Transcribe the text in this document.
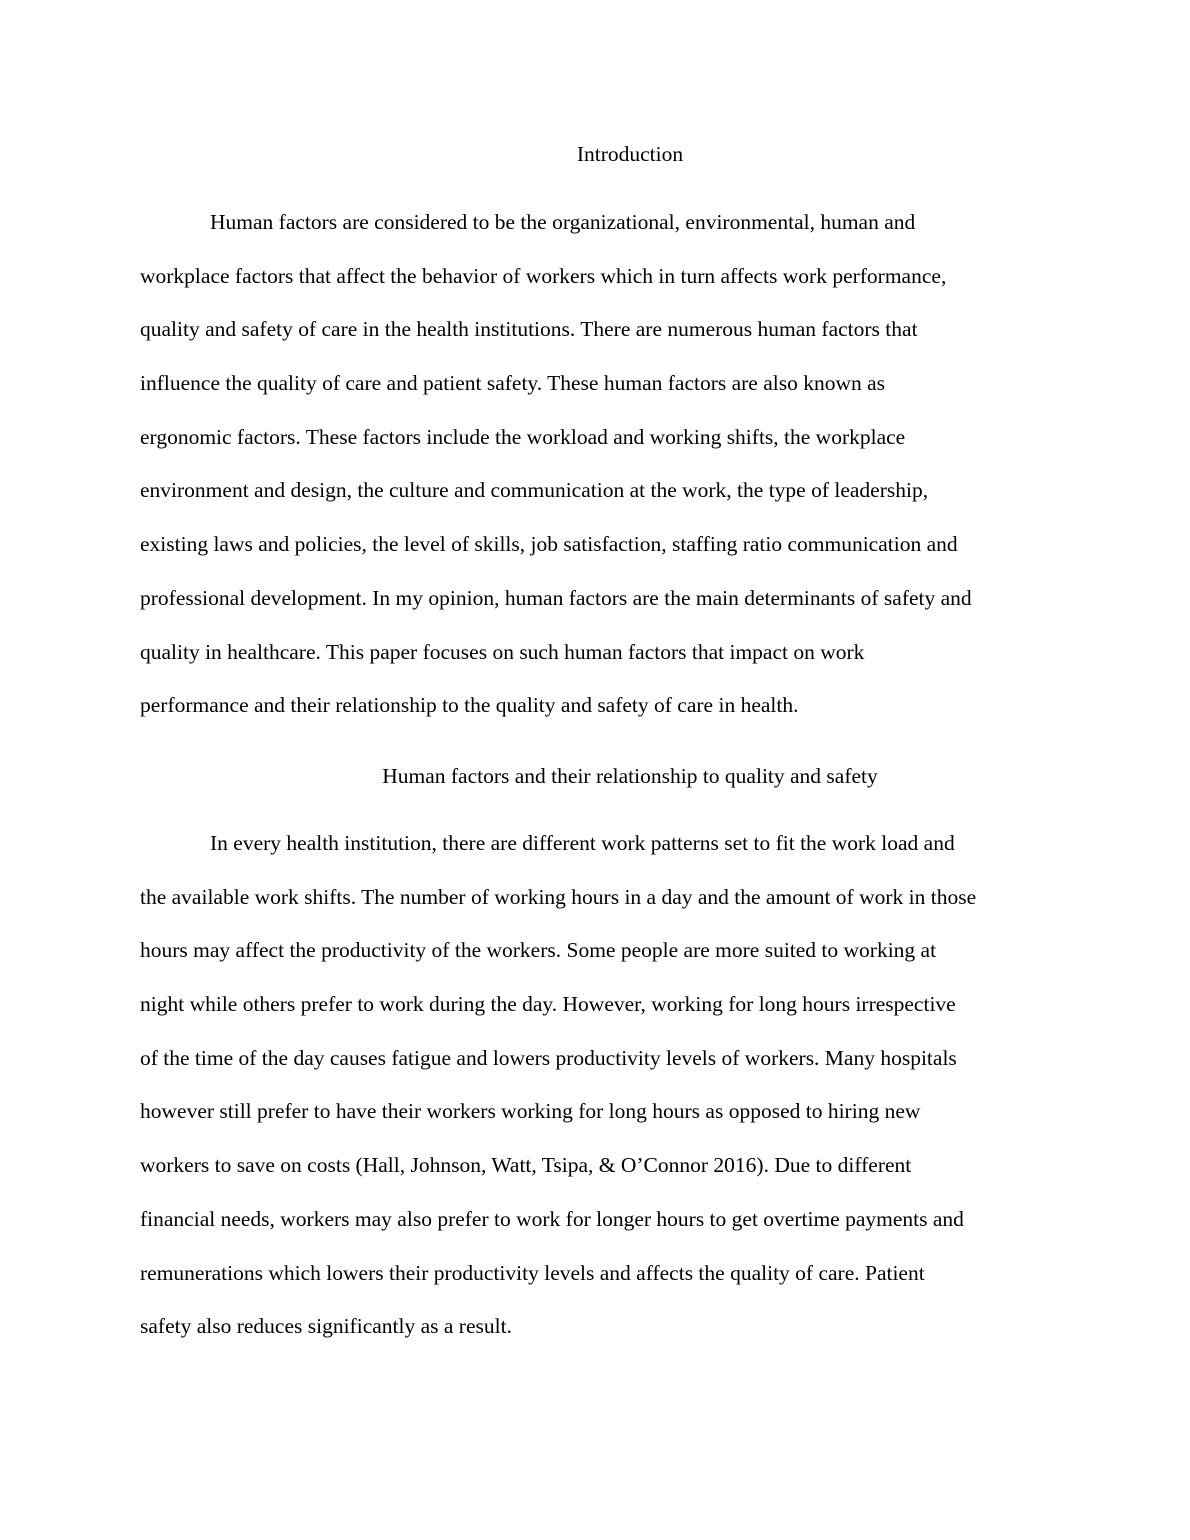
Introduction

Human factors are considered to be the organizational, environmental, human and
workplace factors that affect the behavior of workers which in turn affects work performance,
quality and safety of care in the health institutions. There are numerous human factors that
influence the quality of care and patient safety. These human factors are also known as
ergonomic factors. These factors include the workload and working shifts, the workplace
environment and design, the culture and communication at the work, the type of leadership,
existing laws and policies, the level of skills, job satisfaction, staffing ratio communication and
professional development. In my opinion, human factors are the main determinants of safety and
quality in healthcare. This paper focuses on such human factors that impact on work
performance and their relationship to the quality and safety of care in health.

Human factors and their relationship to quality and safety

In every health institution, there are different work patterns set to fit the work load and
the available work shifts. The number of working hours in a day and the amount of work in those
hours may affect the productivity of the workers. Some people are more suited to working at
night while others prefer to work during the day. However, working for long hours irrespective
of the time of the day causes fatigue and lowers productivity levels of workers. Many hospitals
however still prefer to have their workers working for long hours as opposed to hiring new
workers to save on costs (Hall, Johnson, Watt, Tsipa, & O’Connor 2016). Due to different
financial needs, workers may also prefer to work for longer hours to get overtime payments and
remunerations which lowers their productivity levels and affects the quality of care. Patient
safety also reduces significantly as a result.
